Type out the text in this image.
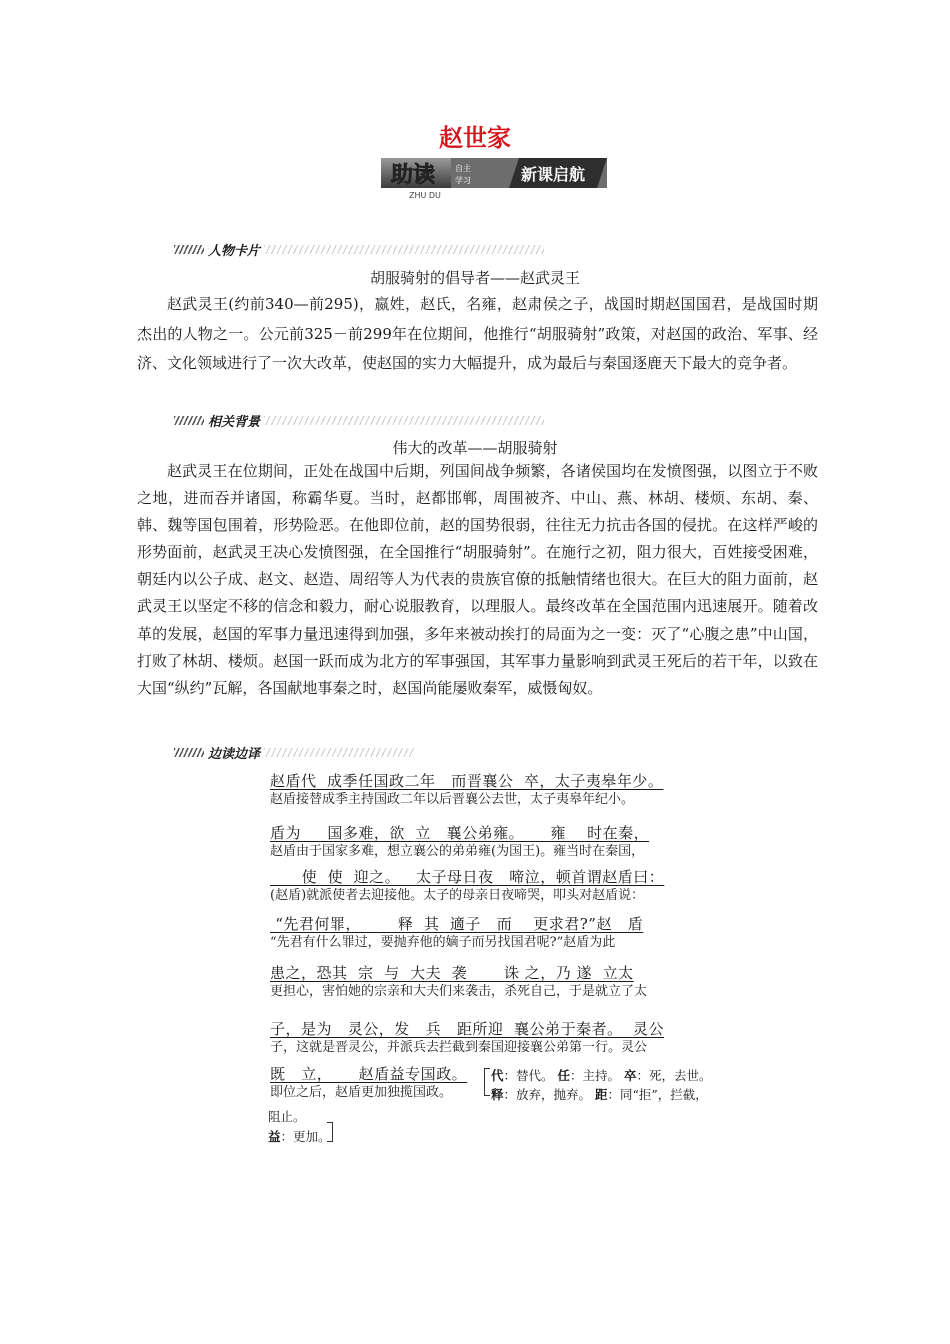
赵世家
助读
ZHU DU
自主
学习	新课启航
人物卡片
胡服骑射的倡导者——赵武灵王

赵武灵王(约前340—前295)，嬴姓，赵氏，名雍，赵肃侯之子，战国时期赵国国君，是战国时期杰出的人物之一。公元前325－前299年在位期间，他推行“胡服骑射”政策，对赵国的政治、军事、经济、文化领域进行了一次大改革，使赵国的实力大幅提升，成为最后与秦国逐鹿天下最大的竞争者。

相关背景
伟大的改革——胡服骑射

赵武灵王在位期间，正处在战国中后期，列国间战争频繁，各诸侯国均在发愤图强，以图立于不败之地，进而吞并诸国，称霸华夏。当时，赵都邯郸，周围被齐、中山、燕、林胡、楼烦、东胡、秦、韩、魏等国包围着，形势险恶。在他即位前，赵的国势很弱，往往无力抗击各国的侵扰。在这样严峻的形势面前，赵武灵王决心发愤图强，在全国推行“胡服骑射”。在施行之初，阻力很大，百姓接受困难，朝廷内以公子成、赵文、赵造、周绍等人为代表的贵族官僚的抵触情绪也很大。在巨大的阻力面前，赵武灵王以坚定不移的信念和毅力，耐心说服教育，以理服人。最终改革在全国范围内迅速展开。随着改革的发展，赵国的军事力量迅速得到加强，多年来被动挨打的局面为之一变：灭了“心腹之患”中山国，打败了林胡、楼烦。赵国一跃而成为北方的军事强国，其军事力量影响到武灵王死后的若干年，以致在大国“纵约”瓦解，各国献地事秦之时，赵国尚能屡败秦军，威慑匈奴。

边读边译
赵盾代  成季任国政二年   而晋襄公  卒，太子夷皋年少。
赵盾接替成季主持国政二年以后晋襄公去世，太子夷皋年纪小。
盾为     国多难，欲  立   襄公弟雍。     雍    时在秦，
赵盾由于国家多难，想立襄公的弟弟雍(为国王)。雍当时在秦国，
使  使  迎之。   太子母日夜   啼泣，顿首谓赵盾曰：
(赵盾)就派使者去迎接他。太子的母亲日夜啼哭，叩头对赵盾说：
“先君何罪，       释  其  適子   而    更求君?”赵   盾
“先君有什么罪过，要抛弃他的嫡子而另找国君呢?”赵盾为此
患之，恐其  宗  与  大夫  袭       诛 之，乃 遂  立太
更担心，害怕她的宗亲和大夫们来袭击，杀死自己，于是就立了太
子，是为   灵公，发   兵   距所迎  襄公弟于秦者。  灵公
子，这就是晋灵公，并派兵去拦截到秦国迎接襄公弟第一行。灵公
既   立，     赵盾益专国政。
即位之后，赵盾更加独揽国政。
代：替代。 任：主持。 卒：死，去世。
释：放弃，抛弃。 距：同“拒”，拦截，
阻止。
益：更加。
